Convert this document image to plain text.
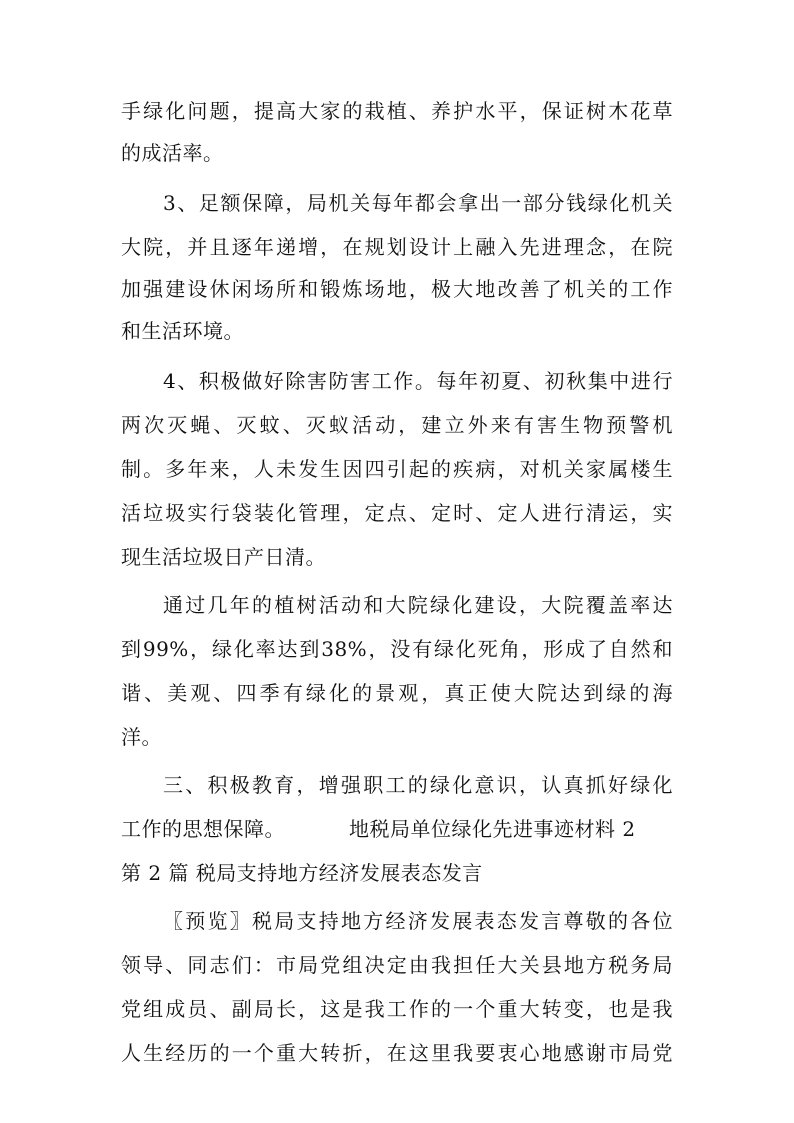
手绿化问题，提高大家的栽植、养护水平，保证树木花草
的成活率。
3、足额保障，局机关每年都会拿出一部分钱绿化机关
大院，并且逐年递增，在规划设计上融入先进理念，在院
加强建设休闲场所和锻炼场地，极大地改善了机关的工作
和生活环境。
4、积极做好除害防害工作。每年初夏、初秋集中进行
两次灭蝇、灭蚊、灭蚁活动，建立外来有害生物预警机
制。多年来，人未发生因四引起的疾病，对机关家属楼生
活垃圾实行袋装化管理，定点、定时、定人进行清运，实
现生活垃圾日产日清。
通过几年的植树活动和大院绿化建设，大院覆盖率达
到99%，绿化率达到38%，没有绿化死角，形成了自然和
谐、美观、四季有绿化的景观，真正使大院达到绿的海
洋。
三、积极教育，增强职工的绿化意识，认真抓好绿化
工作的思想保障。	地税局单位绿化先进事迹材料 2
第 2 篇 税局支持地方经济发展表态发言
〖预览〗税局支持地方经济发展表态发言尊敬的各位
领导、同志们：市局党组决定由我担任大关县地方税务局
党组成员、副局长，这是我工作的一个重大转变，也是我
人生经历的一个重大转折，在这里我要衷心地感谢市局党
